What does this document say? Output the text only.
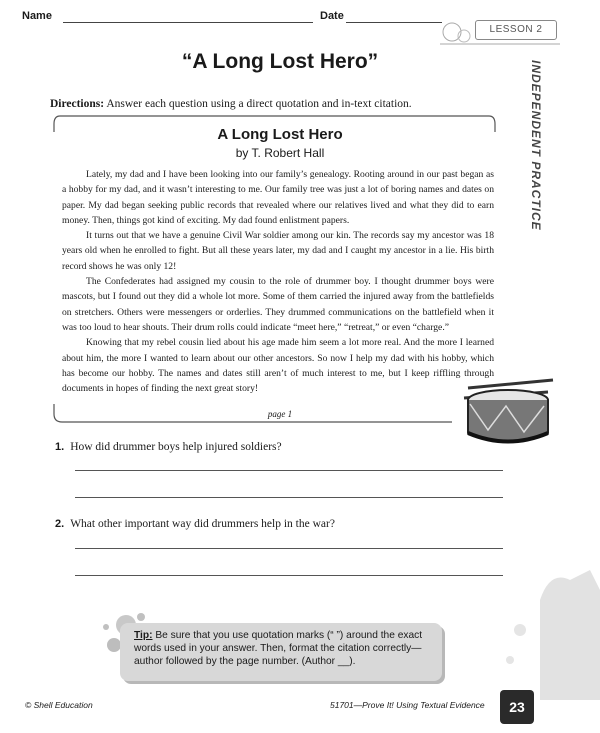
Name	Date
LESSON 2
INDEPENDENT PRACTICE
“A Long Lost Hero”
Directions: Answer each question using a direct quotation and in-text citation.
A Long Lost Hero
by T. Robert Hall

Lately, my dad and I have been looking into our family’s genealogy. Rooting around in our past began as a hobby for my dad, and it wasn’t interesting to me. Our family tree was just a lot of boring names and dates on paper. My dad began seeking public records that revealed where our relatives lived and what they did to earn money. Then, things got kind of exciting. My dad found enlistment papers.

It turns out that we have a genuine Civil War soldier among our kin. The records say my ancestor was 18 years old when he enrolled to fight. But all these years later, my dad and I caught my ancestor in a lie. His birth record shows he was only 12!

The Confederates had assigned my cousin to the role of drummer boy. I thought drummer boys were mascots, but I found out they did a whole lot more. Some of them carried the injured away from the battlefields on stretchers. Others were messengers or orderlies. They drummed communications on the battlefield when it was too loud to hear shouts. Their drum rolls could indicate “meet here,” “retreat,” or even “charge.”

Knowing that my rebel cousin lied about his age made him seem a lot more real. And the more I learned about him, the more I wanted to learn about our other ancestors. So now I help my dad with his hobby, which has become our hobby. The names and dates still aren’t of much interest to me, but I keep riffling through documents in hopes of finding the next great story!

page 1
1. How did drummer boys help injured soldiers?
2. What other important way did drummers help in the war?
Tip: Be sure that you use quotation marks (“ ”) around the exact words used in your answer. Then, format the citation correctly—author followed by the page number. (Author __).
© Shell Education	51701—Prove It! Using Textual Evidence	23
